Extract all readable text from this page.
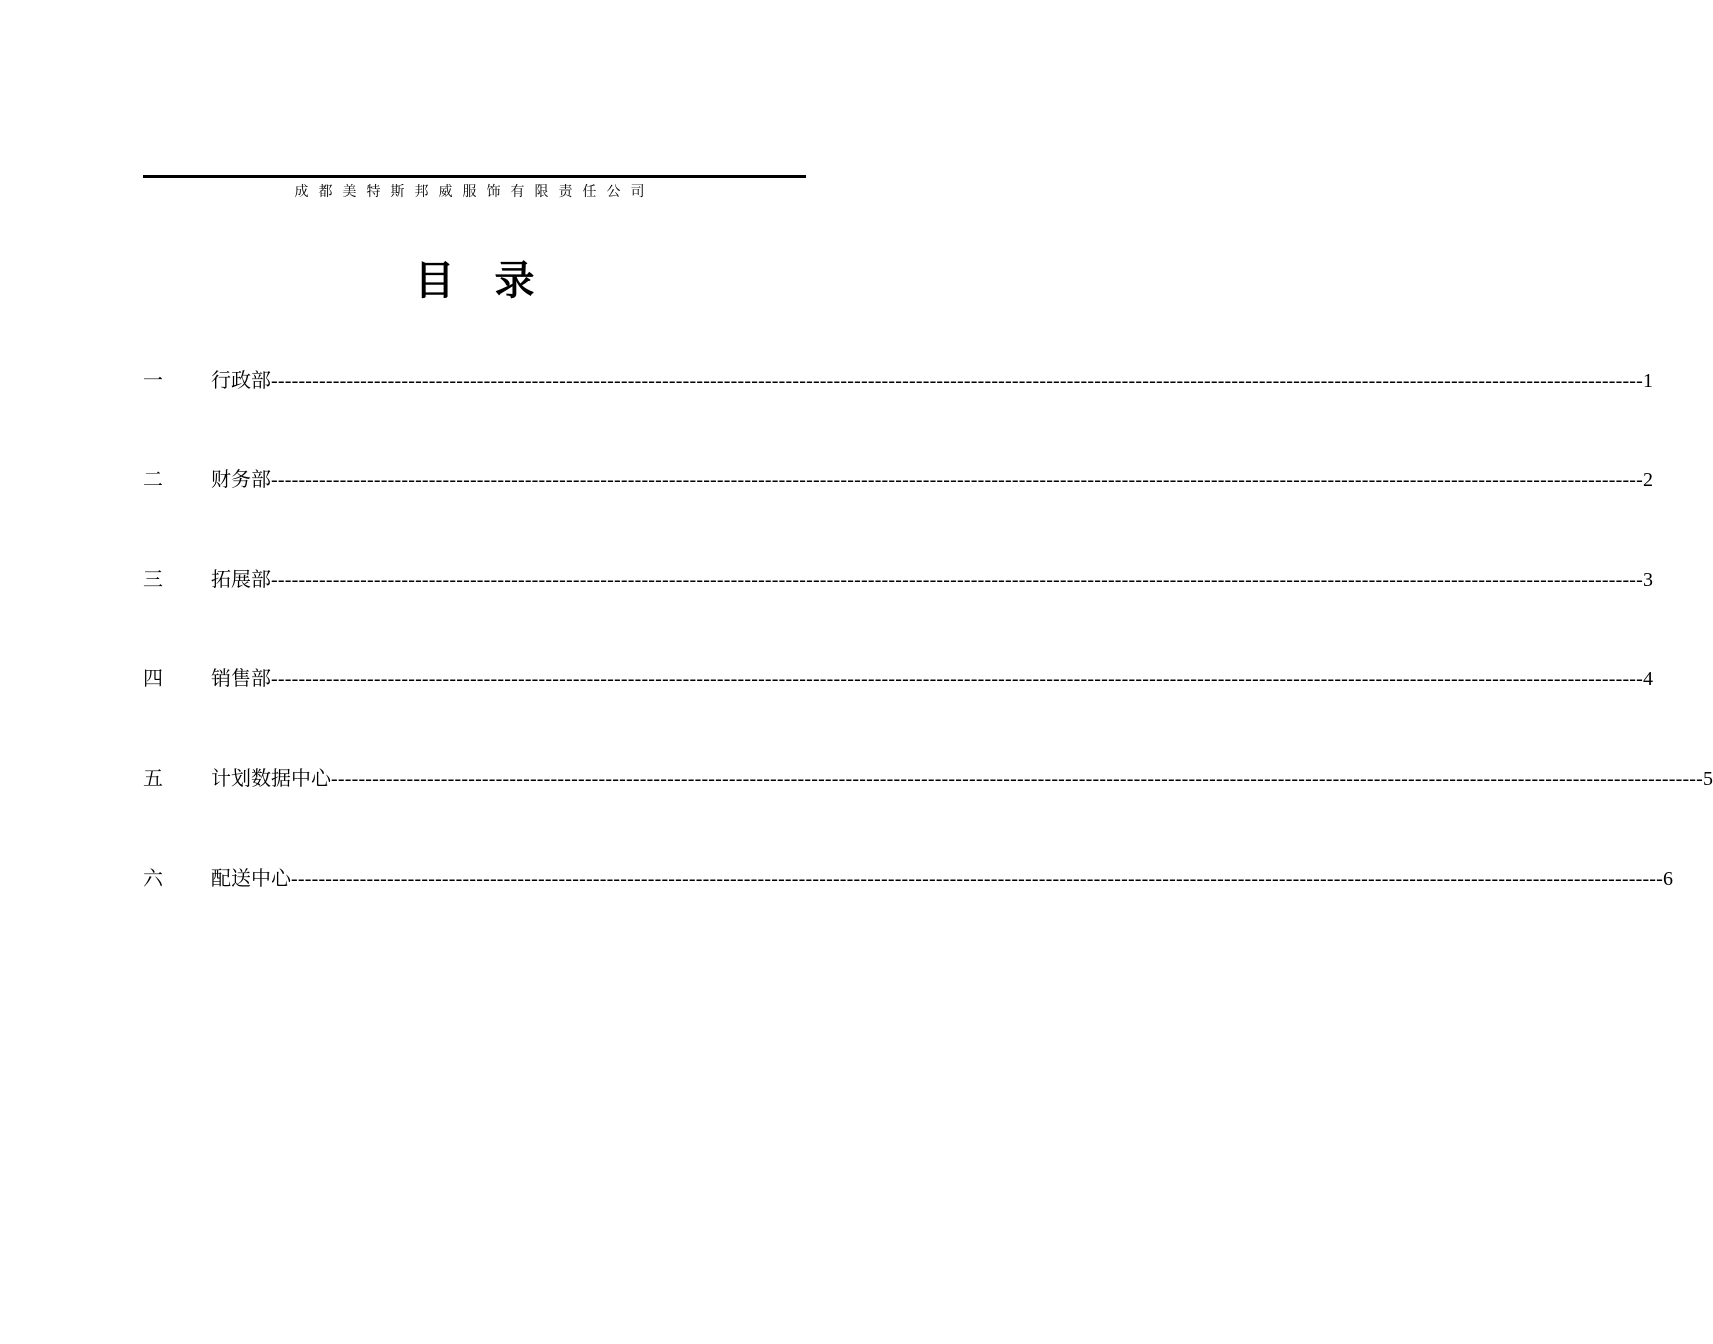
成都美特斯邦威服饰有限责任公司
目　录
一 行政部 -------------------------------------------------------------------------------------------------------------------------------------------------------------------------------------------------------- 1
二 财务部 -------------------------------------------------------------------------------------------------------------------------------------------------------------------------------------------------------- 2
三 拓展部 -------------------------------------------------------------------------------------------------------------------------------------------------------------------------------------------------------- 3
四 销售部 -------------------------------------------------------------------------------------------------------------------------------------------------------------------------------------------------------- 4
五 计划数据中心 -------------------------------------------------------------------------------------------------------------------------------------------------------------------------------------------------------- 5
六 配送中心 -------------------------------------------------------------------------------------------------------------------------------------------------------------------------------------------------------- 6
